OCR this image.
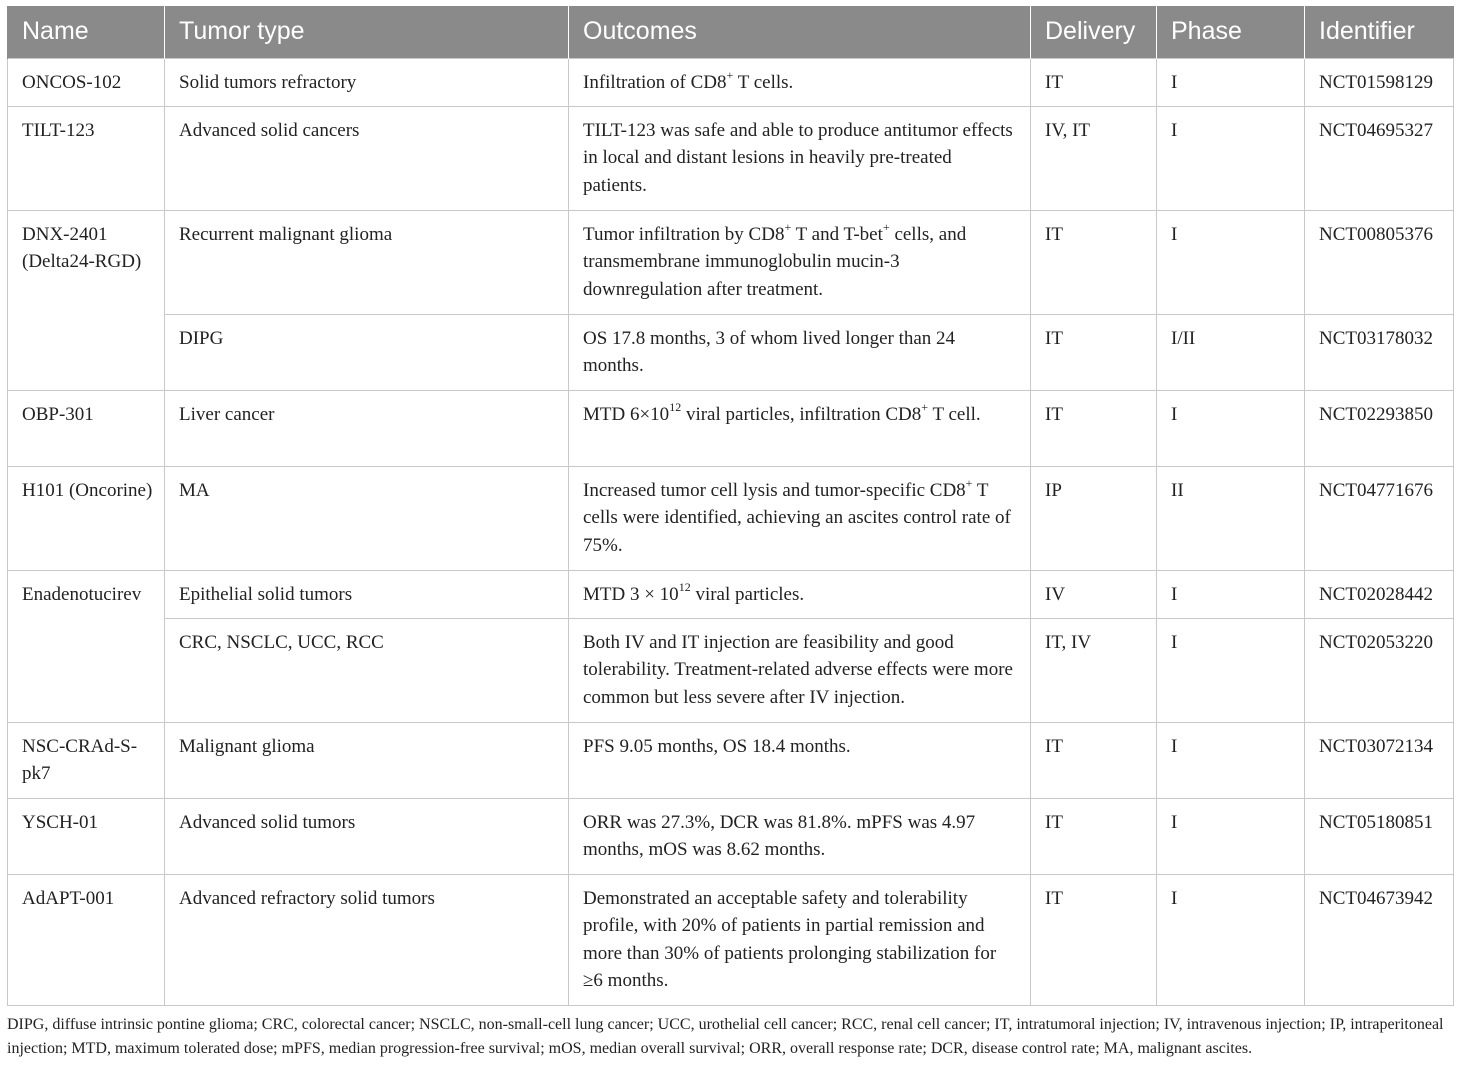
Name	Tumor type	Outcomes	Delivery	Phase	Identifier
ONCOS-102	Solid tumors refractory	Infiltration of CD8+ T cells.	IT	I	NCT01598129
TILT-123	Advanced solid cancers	TILT-123 was safe and able to produce antitumor effects in local and distant lesions in heavily pre-treated patients.	IV, IT	I	NCT04695327
DNX-2401 (Delta24-RGD)	Recurrent malignant glioma	Tumor infiltration by CD8+ T and T-bet+ cells, and transmembrane immunoglobulin mucin-3 downregulation after treatment.	IT	I	NCT00805376
	DIPG	OS 17.8 months, 3 of whom lived longer than 24 months.	IT	I/II	NCT03178032
OBP-301	Liver cancer	MTD $6\times 10^{12}$ viral particles, infiltration CD8+ T cell.	IT	I	NCT02293850
H101 (Oncorine)	MA	Increased tumor cell lysis and tumor-specific CD8+ T cells were identified, achieving an ascites control rate of 75%.	IP	II	NCT04771676
Enadenotucirev	Epithelial solid tumors	MTD $3 \times 10^{12}$ viral particles.	IV	I	NCT02028442
	CRC, NSCLC, UCC, RCC	Both IV and IT injection are feasibility and good tolerability. Treatment-related adverse effects were more common but less severe after IV injection.	IT, IV	I	NCT02053220
NSC-CRAd-S-pk7	Malignant glioma	PFS 9.05 months, OS 18.4 months.	IT	I	NCT03072134
YSCH-01	Advanced solid tumors	ORR was 27.3%, DCR was 81.8%. mPFS was 4.97 months, mOS was 8.62 months.	IT	I	NCT05180851
AdAPT-001	Advanced refractory solid tumors	Demonstrated an acceptable safety and tolerability profile, with 20% of patients in partial remission and more than 30% of patients prolonging stabilization for ≥6 months.	IT	I	NCT04673942
DIPG, diffuse intrinsic pontine glioma; CRC, colorectal cancer; NSCLC, non-small-cell lung cancer; UCC, urothelial cell cancer; RCC, renal cell cancer; IT, intratumoral injection; IV, intravenous injection; IP, intraperitoneal injection; MTD, maximum tolerated dose; mPFS, median progression-free survival; mOS, median overall survival; ORR, overall response rate; DCR, disease control rate; MA, malignant ascites.
